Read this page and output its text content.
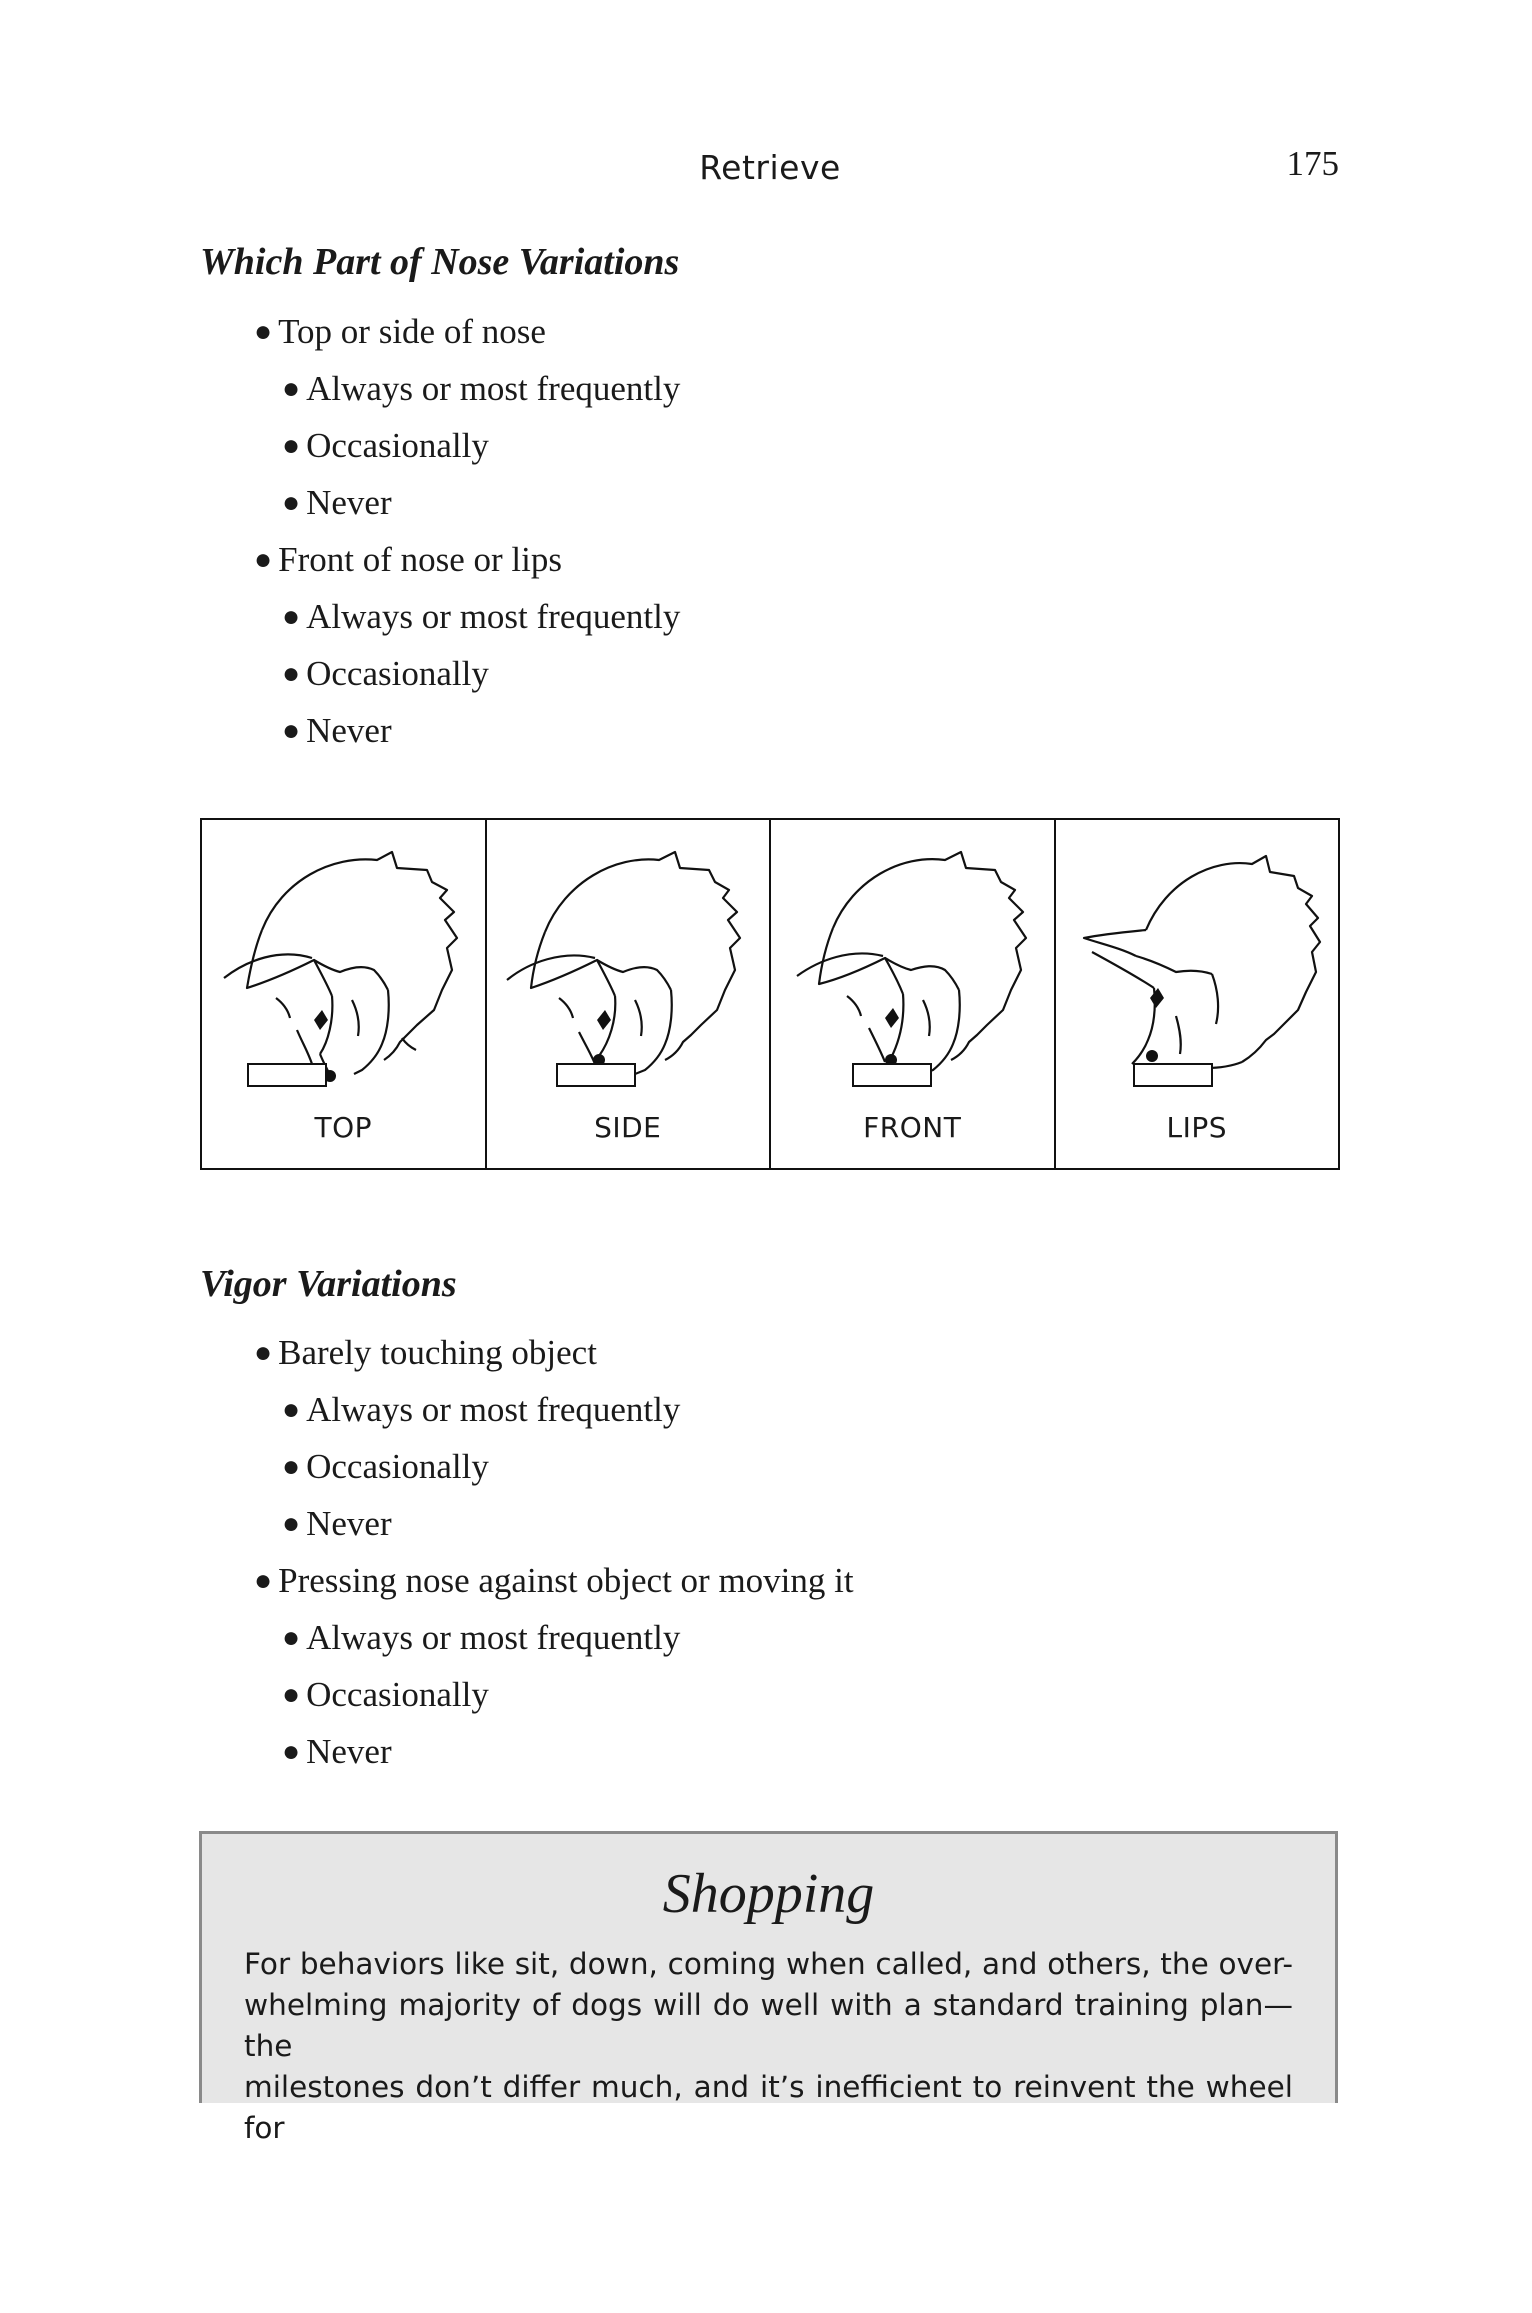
Retrieve	175
Which Part of Nose Variations
● Top or side of nose
● Always or most frequently
● Occasionally
● Never
● Front of nose or lips
● Always or most frequently
● Occasionally
● Never
TOP	SIDE	FRONT	LIPS
Vigor Variations
● Barely touching object
● Always or most frequently
● Occasionally
● Never
● Pressing nose against object or moving it
● Always or most frequently
● Occasionally
● Never
Shopping
For behaviors like sit, down, coming when called, and others, the over-
whelming majority of dogs will do well with a standard training plan—the
milestones don’t differ much, and it’s inefficient to reinvent the wheel for
